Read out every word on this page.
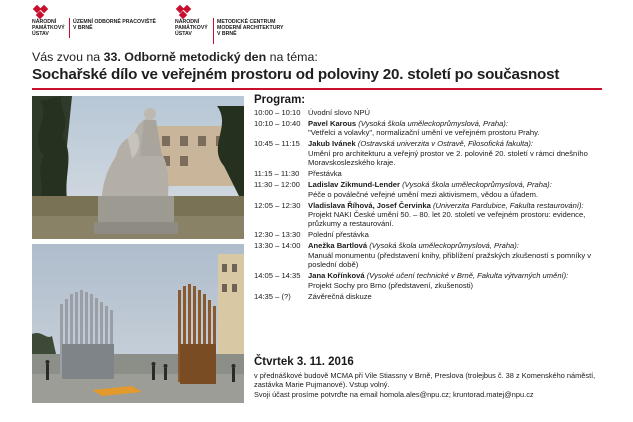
NÁRODNÍ
PAMÁTKOVÝ
ÚSTAV
ÚZEMNÍ ODBORNÉ PRACOVIŠTĚ
V BRNĚ
NÁRODNÍ
PAMÁTKOVÝ
ÚSTAV
METODICKÉ CENTRUM
MODERNÍ ARCHITEKTURY
V BRNĚ
Vás zvou na 33. Odborně metodický den na téma:
Sochařské dílo ve veřejném prostoru od poloviny 20. století po současnost
Program:
10:00 – 10:10 Úvodní slovo NPÚ
10:10 – 10:40 Pavel Karous (Vysoká škola uměleckoprůmyslová, Praha):
"Vetřelci a volavky", normalizační umění ve veřejném prostoru Prahy.
10:45 – 11:15	Jakub Ivánek (Ostravská univerzita v Ostravě, Filosofická fakulta):
Umění pro architekturu a veřejný prostor ve 2. polovině 20. století v rámci dnešního Moravskoslezského kraje.
11:15 – 11:30	Přestávka
11:30 – 12:00	Ladislav Zikmund-Lender (Vysoká škola uměleckoprůmyslová, Praha):
Péče o poválečné veřejné umění mezi aktivismem, vědou a úřadem.
12:05 – 12:30 Vladislava Říhová, Josef Červinka (Univerzita Pardubice, Fakulta restaurování):
Projekt NAKI České umění 50. – 80. let 20. století ve veřejném prostoru: evidence, průzkumy a restaurování.
12:30 – 13:30 Polední přestávka
13:30 – 14:00 Anežka Bartlová (Vysoká škola uměleckoprůmyslová, Praha):
Manuál monumentu (představení knihy, přiblížení pražských zkušeností s pomníky v poslední době)
14:05 – 14:35 Jana Kořínková (Vysoké učení technické v Brně, Fakulta výtvarných umění):
Projekt Sochy pro Brno (představení, zkušenosti)
14:35 – (?)	Závěrečná diskuze
Čtvrtek 3. 11. 2016
v přednáškové budově MCMA při Vile Stiassny v Brně, Preslova (trolejbus č. 38 z Komenského náměstí, zastávka Marie Pujmanové). Vstup volný.
Svoji účast prosíme potvrďte na email homola.ales@npu.cz; kruntorad.matej@npu.cz
